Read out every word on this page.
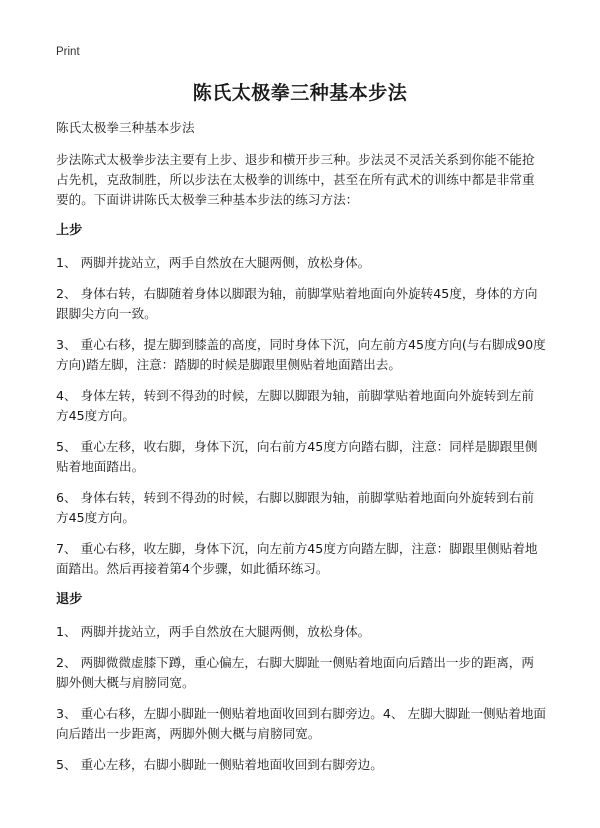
Print
陈氏太极拳三种基本步法

陈氏太极拳三种基本步法

步法陈式太极拳步法主要有上步、退步和横开步三种。步法灵不灵活关系到你能不能抢占先机，克敌制胜，所以步法在太极拳的训练中，甚至在所有武术的训练中都是非常重要的。下面讲讲陈氏太极拳三种基本步法的练习方法：

上步

1、 两脚并拢站立，两手自然放在大腿两侧，放松身体。

2、 身体右转，右脚随着身体以脚跟为轴，前脚掌贴着地面向外旋转45度，身体的方向跟脚尖方向一致。

3、 重心右移，提左脚到膝盖的高度，同时身体下沉，向左前方45度方向(与右脚成90度方向)踏左脚，注意：踏脚的时候是脚跟里侧贴着地面踏出去。

4、 身体左转，转到不得劲的时候，左脚以脚跟为轴，前脚掌贴着地面向外旋转到左前方45度方向。

5、 重心左移，收右脚，身体下沉，向右前方45度方向踏右脚，注意：同样是脚跟里侧贴着地面踏出。

6、 身体右转，转到不得劲的时候，右脚以脚跟为轴，前脚掌贴着地面向外旋转到右前方45度方向。

7、 重心右移，收左脚，身体下沉，向左前方45度方向踏左脚，注意：脚跟里侧贴着地面踏出。然后再接着第4个步骤，如此循环练习。

退步

1、 两脚并拢站立，两手自然放在大腿两侧，放松身体。

2、 两脚微微虚膝下蹲，重心偏左，右脚大脚趾一侧贴着地面向后踏出一步的距离，两脚外侧大概与肩膀同宽。

3、 重心右移，左脚小脚趾一侧贴着地面收回到右脚旁边。4、 左脚大脚趾一侧贴着地面向后踏出一步距离，两脚外侧大概与肩膀同宽。

5、 重心左移，右脚小脚趾一侧贴着地面收回到右脚旁边。
